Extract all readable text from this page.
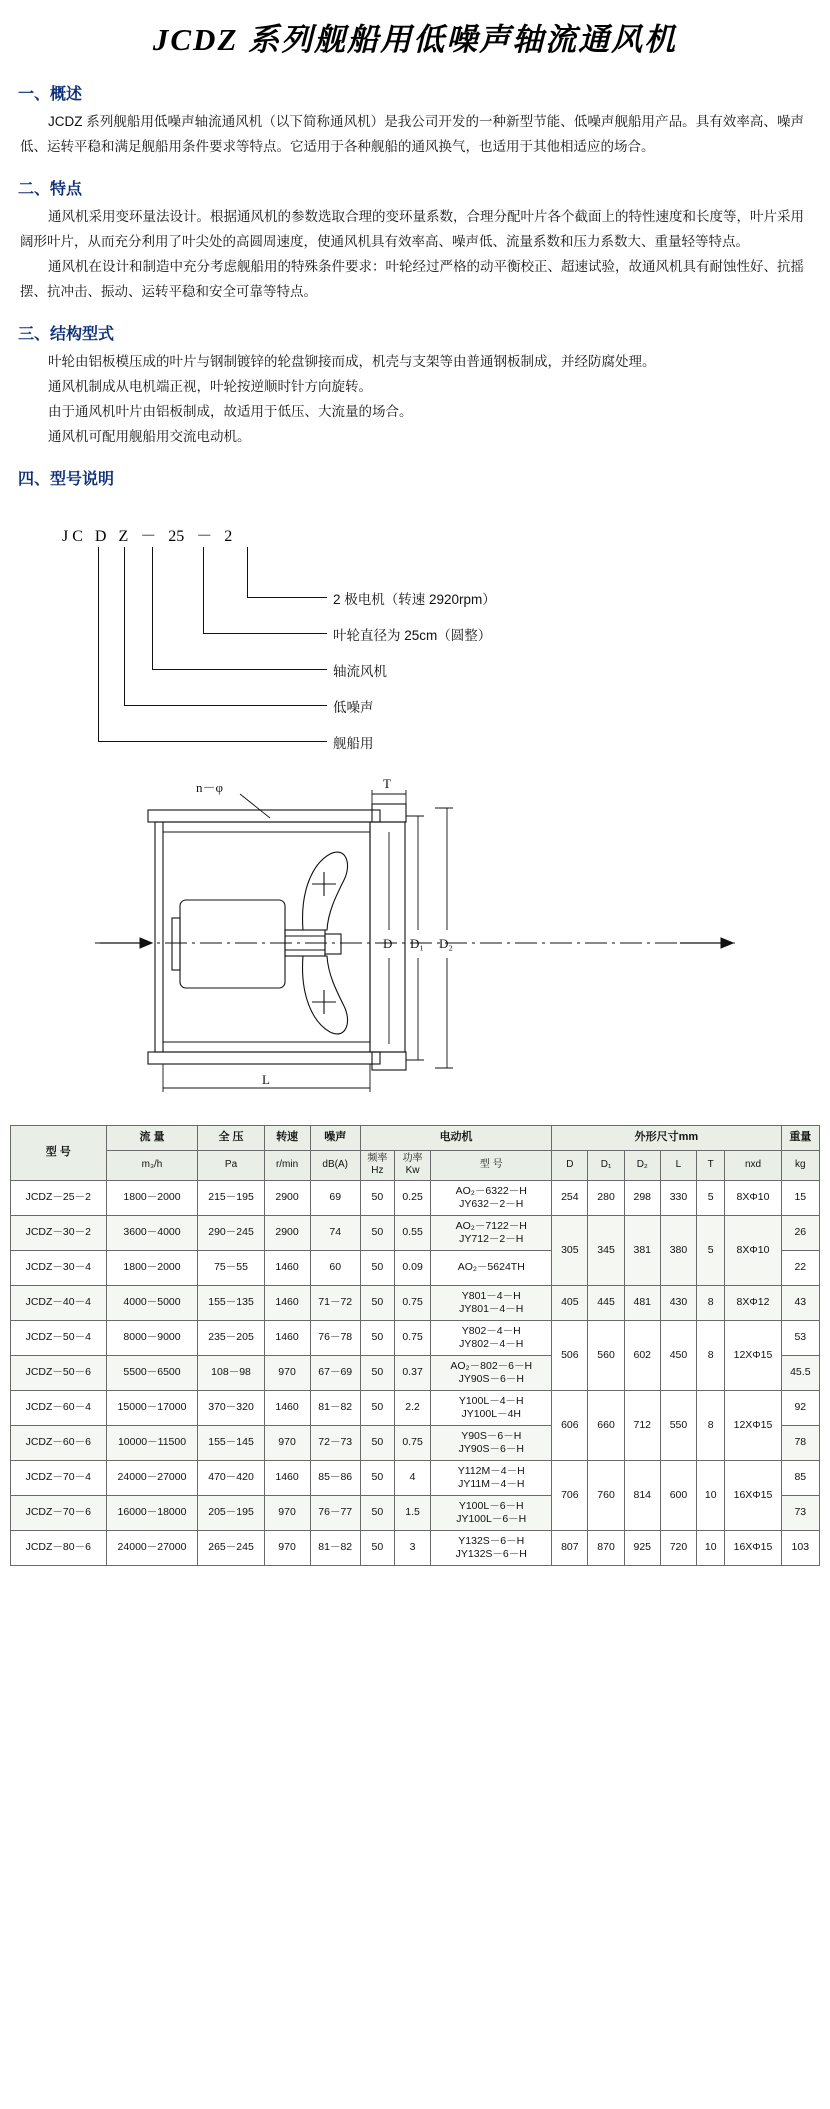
JCDZ 系列舰船用低噪声轴流通风机
一、概述

JCDZ 系列舰船用低噪声轴流通风机（以下简称通风机）是我公司开发的一种新型节能、低噪声舰船用产品。具有效率高、噪声低、运转平稳和满足舰船用条件要求等特点。它适用于各种舰船的通风换气，也适用于其他相适应的场合。

二、特点

通风机采用变环量法设计。根据通风机的参数选取合理的变环量系数，合理分配叶片各个截面上的特性速度和长度等，叶片采用阔形叶片，从而充分利用了叶尖处的高圆周速度，使通风机具有效率高、噪声低、流量系数和压力系数大、重量轻等特点。

通风机在设计和制造中充分考虑舰船用的特殊条件要求：叶轮经过严格的动平衡校正、超速试验，故通风机具有耐蚀性好、抗摇摆、抗冲击、振动、运转平稳和安全可靠等特点。

三、结构型式

叶轮由铝板模压成的叶片与钢制镀锌的轮盘铆接而成，机壳与支架等由普通钢板制成，并经防腐处理。

通风机制成从电机端正视，叶轮按逆顺时针方向旋转。

由于通风机叶片由铝板制成，故适用于低压、大流量的场合。

通风机可配用舰船用交流电动机。

四、型号说明
J C D Z － 25 － 2
2 极电机（转速 2920rpm）
叶轮直径为 25cm（圆整）
轴流风机
低噪声
舰船用
n－φ	T
D D₁ D₂
L
型 号	流 量	全 压	转速	噪声	电动机			外形尺寸mm						重量
	m₃/h	Pa	r/min	dB(A)	频率
Hz	功率
Kw	型 号	D	D₁	D₂	L	T	nxd	kg
JCDZ－25－2	1800－2000	215－195	2900	69	50	0.25	AO₂－6322－H
JY632－2－H	254	280	298	330	5	8XΦ10	15
JCDZ－30－2	3600－4000	290－245	2900	74	50	0.55	AO₂－7122－H
JY712－2－H	305	345	381	380	5	8XΦ10	26
JCDZ－30－4	1800－2000	75－55	1460	60	50	0.09	AO₂－5624TH							22
JCDZ－40－4	4000－5000	155－135	1460	71－72	50	0.75	Y801－4－H
JY801－4－H	405	445	481	430	8	8XΦ12	43
JCDZ－50－4	8000－9000	235－205	1460	76－78	50	0.75	Y802－4－H
JY802－4－H	506	560	602	450	8	12XΦ15	53
JCDZ－50－6	5500－6500	108－98	970	67－69	50	0.37	AO₂－802－6－H
JY90S－6－H							45.5
JCDZ－60－4	15000－17000	370－320	1460	81－82	50	2.2	Y100L－4－H
JY100L－4H	606	660	712	550	8	12XΦ15	92
JCDZ－60－6	10000－11500	155－145	970	72－73	50	0.75	Y90S－6－H
JY90S－6－H							78
JCDZ－70－4	24000－27000	470－420	1460	85－86	50	4	Y112M－4－H
JY11M－4－H	706	760	814	600	10	16XΦ15	85
JCDZ－70－6	16000－18000	205－195	970	76－77	50	1.5	Y100L－6－H
JY100L－6－H							73
JCDZ－80－6	24000－27000	265－245	970	81－82	50	3	Y132S－6－H
JY132S－6－H	807	870	925	720	10	16XΦ15	103
